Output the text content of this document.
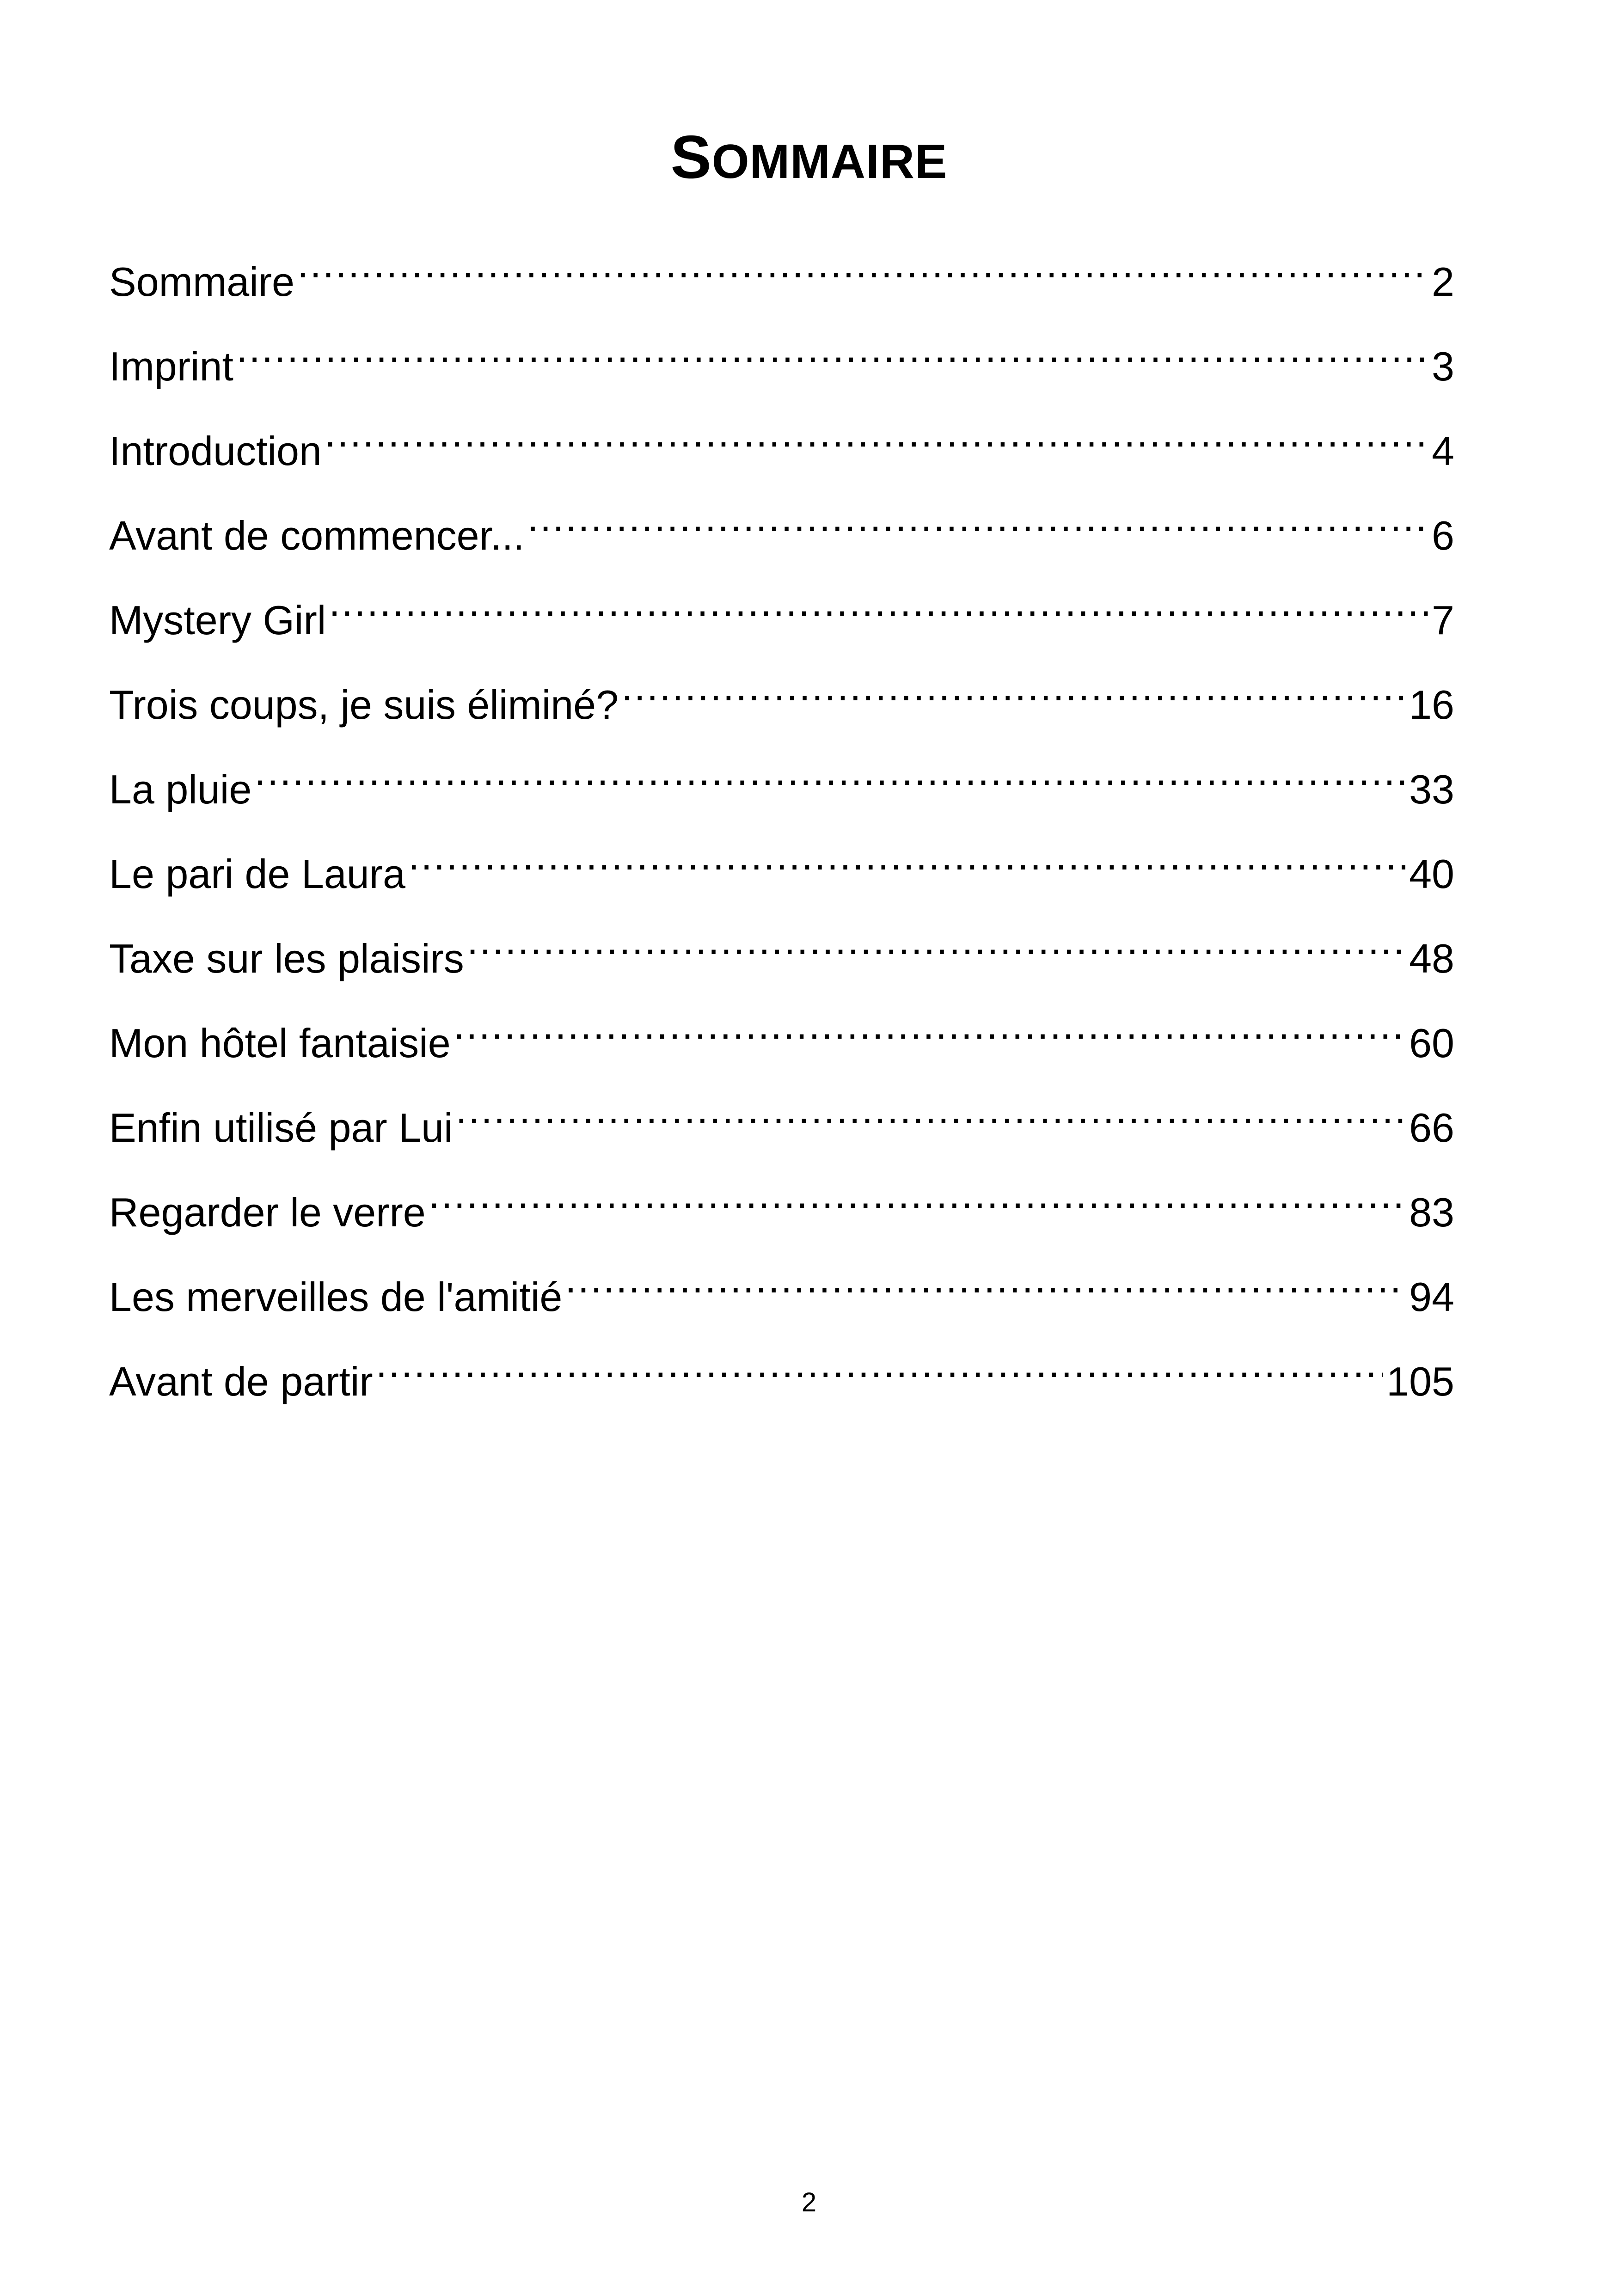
SOMMAIRE
Sommaire .....	2
Imprint .....	3
Introduction .....	4
Avant de commencer... .....	6
Mystery Girl .....	7
Trois coups, je suis éliminé? .....	16
La pluie .....	33
Le pari de Laura .....	40
Taxe sur les plaisirs .....	48
Mon hôtel fantaisie .....	60
Enfin utilisé par Lui .....	66
Regarder le verre .....	83
Les merveilles de l'amitié .....	94
Avant de partir .....	105
2
